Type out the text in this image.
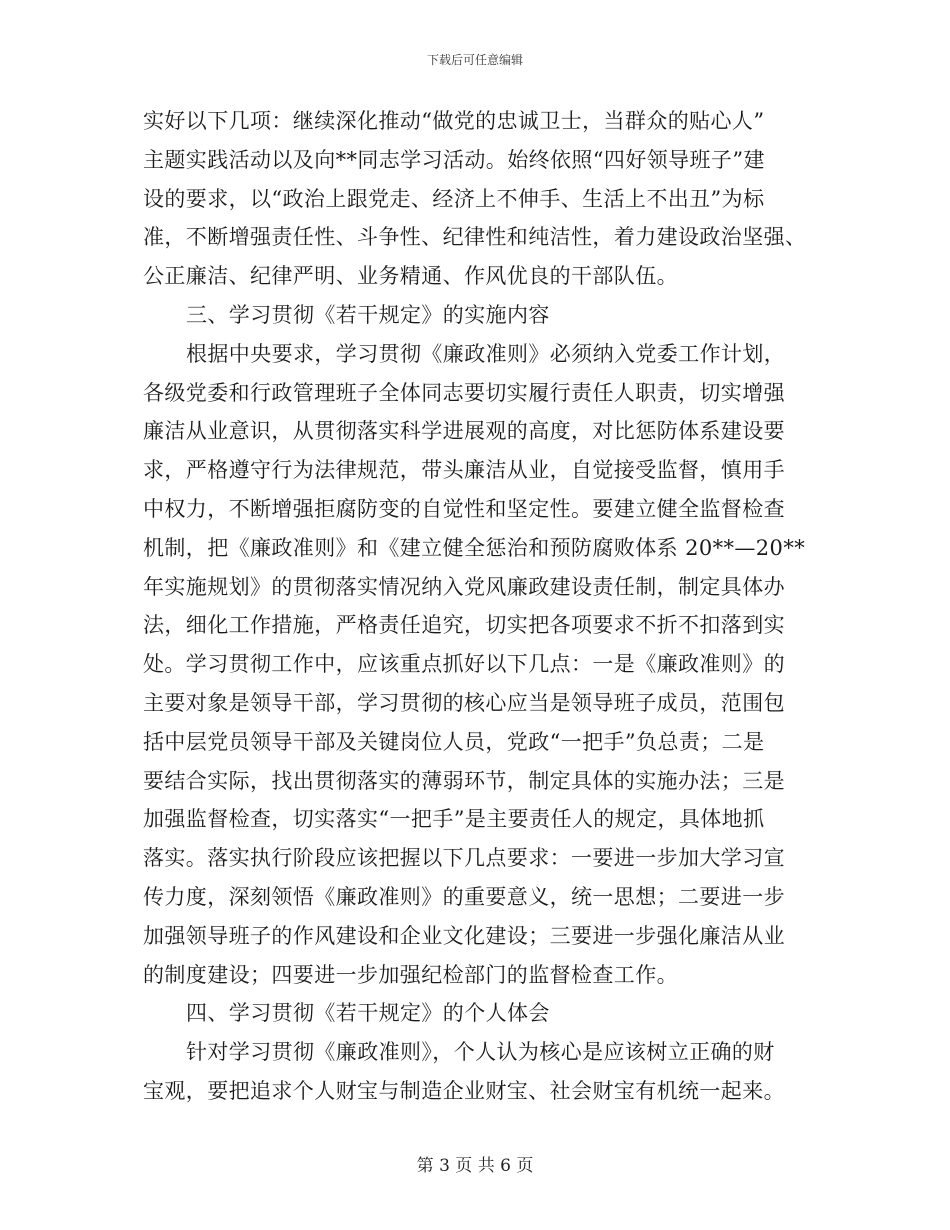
下载后可任意编辑
实好以下几项：继续深化推动“做党的忠诚卫士，当群众的贴心人”
主题实践活动以及向**同志学习活动。始终依照“四好领导班子”建
设的要求，以“政治上跟党走、经济上不伸手、生活上不出丑”为标
准，不断增强责任性、斗争性、纪律性和纯洁性，着力建设政治坚强、
公正廉洁、纪律严明、业务精通、作风优良的干部队伍。
三、学习贯彻《若干规定》的实施内容
根据中央要求，学习贯彻《廉政准则》必须纳入党委工作计划，
各级党委和行政管理班子全体同志要切实履行责任人职责，切实增强
廉洁从业意识，从贯彻落实科学进展观的高度，对比惩防体系建设要
求，严格遵守行为法律规范，带头廉洁从业，自觉接受监督，慎用手
中权力，不断增强拒腐防变的自觉性和坚定性。要建立健全监督检查
机制，把《廉政准则》和《建立健全惩治和预防腐败体系 20**—20**
年实施规划》的贯彻落实情况纳入党风廉政建设责任制，制定具体办
法，细化工作措施，严格责任追究，切实把各项要求不折不扣落到实
处。学习贯彻工作中，应该重点抓好以下几点：一是《廉政准则》的
主要对象是领导干部，学习贯彻的核心应当是领导班子成员，范围包
括中层党员领导干部及关键岗位人员，党政“一把手”负总责；二是
要结合实际，找出贯彻落实的薄弱环节，制定具体的实施办法；三是
加强监督检查，切实落实“一把手”是主要责任人的规定，具体地抓
落实。落实执行阶段应该把握以下几点要求：一要进一步加大学习宣
传力度，深刻领悟《廉政准则》的重要意义，统一思想；二要进一步
加强领导班子的作风建设和企业文化建设；三要进一步强化廉洁从业
的制度建设；四要进一步加强纪检部门的监督检查工作。
四、学习贯彻《若干规定》的个人体会
针对学习贯彻《廉政准则》，个人认为核心是应该树立正确的财
宝观，要把追求个人财宝与制造企业财宝、社会财宝有机统一起来。
第 3 页 共 6 页
